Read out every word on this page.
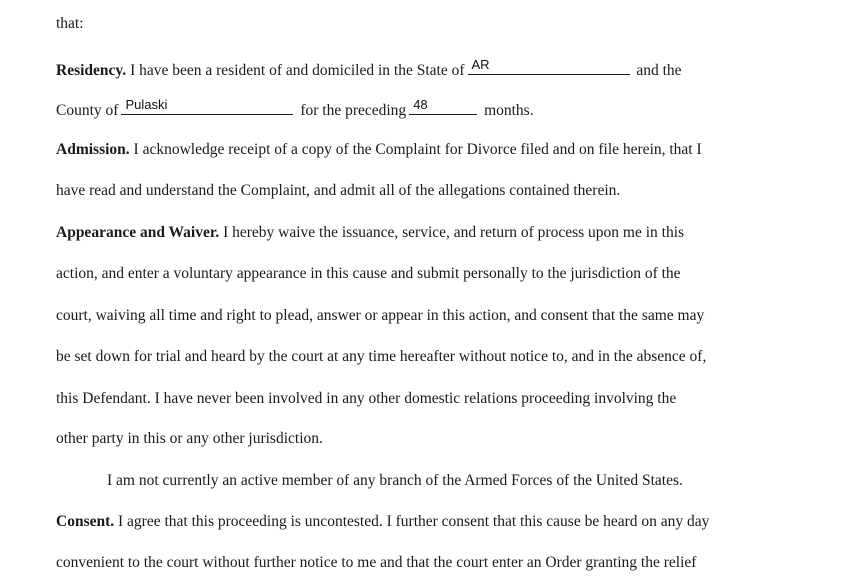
that:
Residency. I have been a resident of and domiciled in the State of AR	and the
County of Pulaski	for the preceding 48	months.
Admission. I acknowledge receipt of a copy of the Complaint for Divorce filed and on file herein, that I
have read and understand the Complaint, and admit all of the allegations contained therein.
Appearance and Waiver. I hereby waive the issuance, service, and return of process upon me in this
action, and enter a voluntary appearance in this cause and submit personally to the jurisdiction of the
court, waiving all time and right to plead, answer or appear in this action, and consent that the same may
be set down for trial and heard by the court at any time hereafter without notice to, and in the absence of,
this Defendant. I have never been involved in any other domestic relations proceeding involving the
other party in this or any other jurisdiction.
I am not currently an active member of any branch of the Armed Forces of the United States.
Consent. I agree that this proceeding is uncontested. I further consent that this cause be heard on any day
convenient to the court without further notice to me and that the court enter an Order granting the relief
